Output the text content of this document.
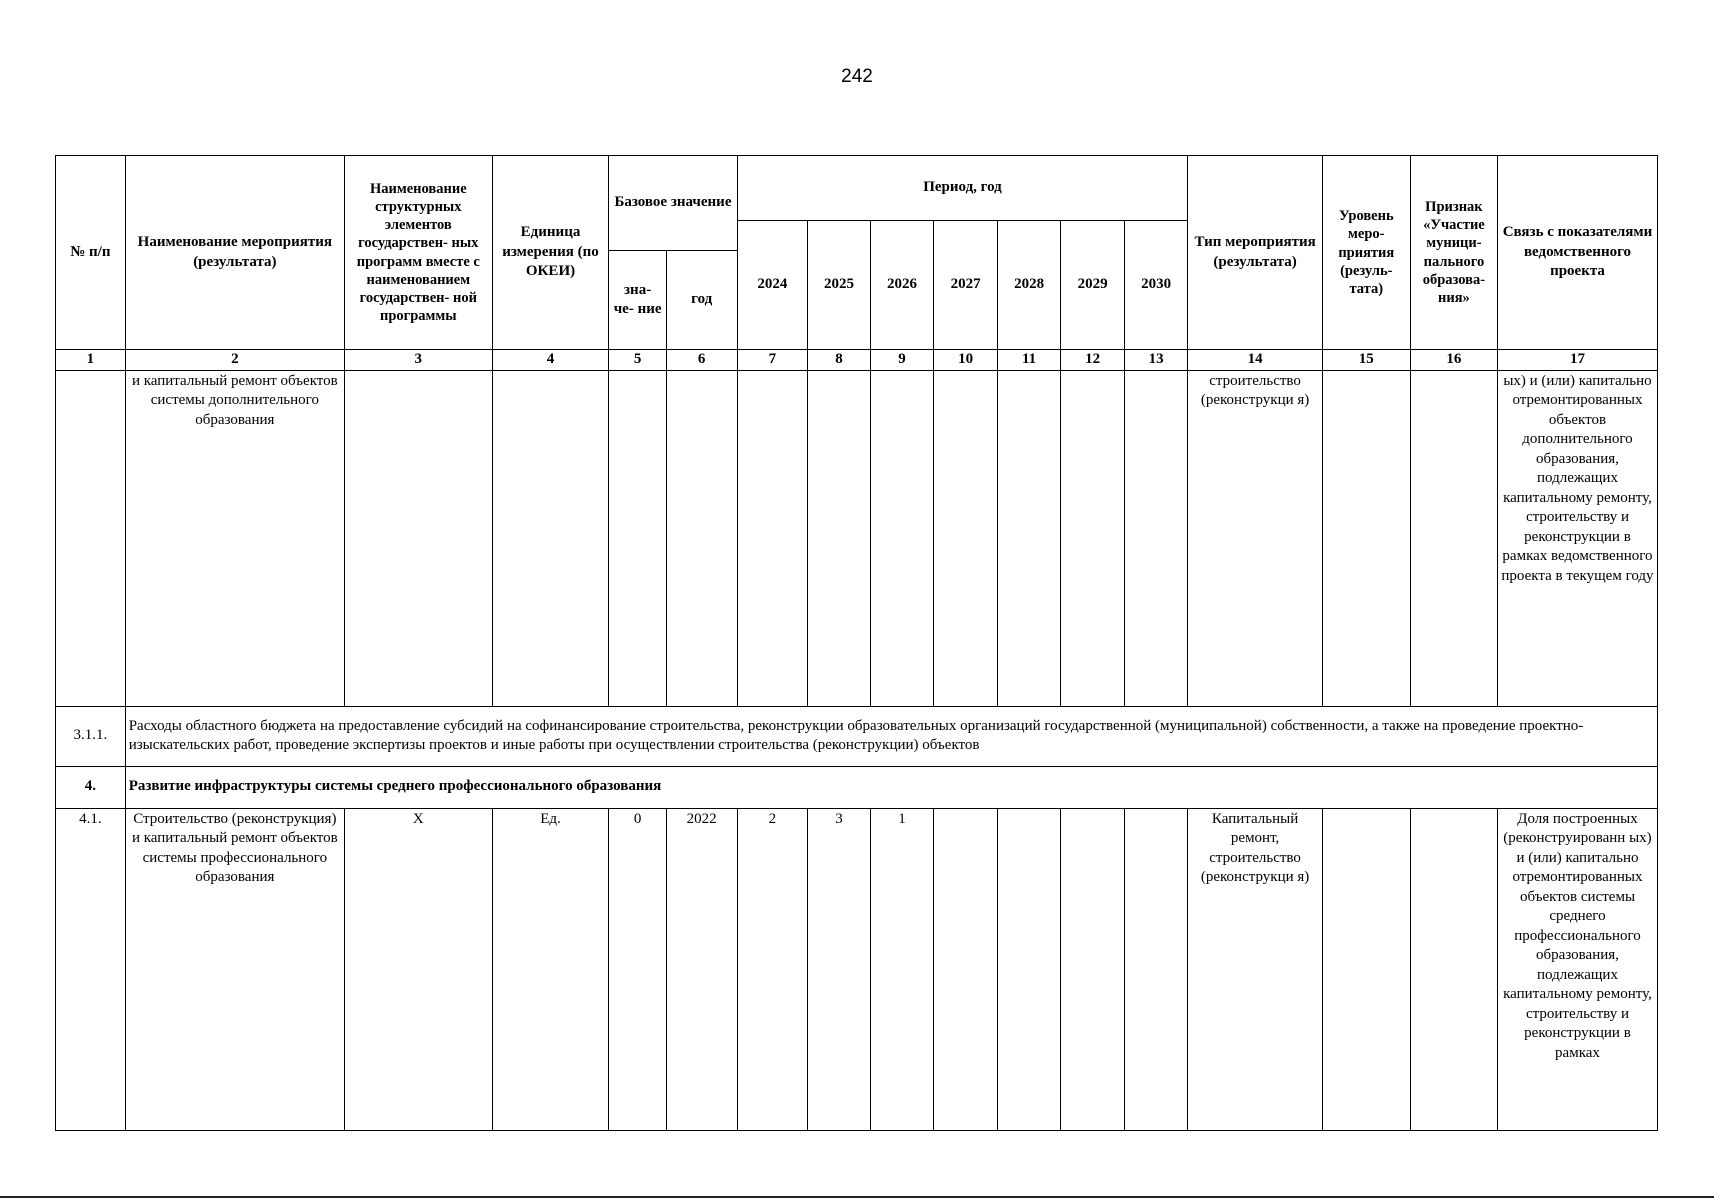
242
№ п/п	Наименование мероприятия (результата)	Наименование структурных элементов государствен- ных программ вместе с наименованием государствен- ной программы	Единица измерения (по ОКЕИ)	Базовое значение		Период, год							Тип мероприятия (результата)	Уровень меро- приятия (резуль- тата)	Признак «Участие муници- пального образова- ния»	Связь с показателями ведомственного проекта
						2024	2025	2026	2027	2028	2029	2030				
				зна- че- ние	год											
1	2	3	4	5	6	7	8	9	10	11	12	13	14	15	16	17
	и капитальный ремонт объектов системы дополнительного образования												строительство (реконструкци я)			ых) и (или) капитально отремонтированных объектов дополнительного образования, подлежащих капитальному ремонту, строительству и реконструкции в рамках ведомственного проекта в текущем году
3.1.1.	Расходы областного бюджета на предоставление субсидий на софинансирование строительства, реконструкции образовательных организаций государственной (муниципальной) собственности, а также на проведение проектно-изыскательских работ, проведение экспертизы проектов и иные работы при осуществлении строительства (реконструкции) объектов															
4.	Развитие инфраструктуры системы среднего профессионального образования															
4.1.	Строительство (реконструкция) и капитальный ремонт объектов системы профессионального образования	Х	Ед.	0	2022	2	3	1					Капитальный ремонт, строительство (реконструкци я)			Доля построенных (реконструированн ых) и (или) капитально отремонтированных объектов системы среднего профессионального образования, подлежащих капитальному ремонту, строительству и реконструкции в рамках
